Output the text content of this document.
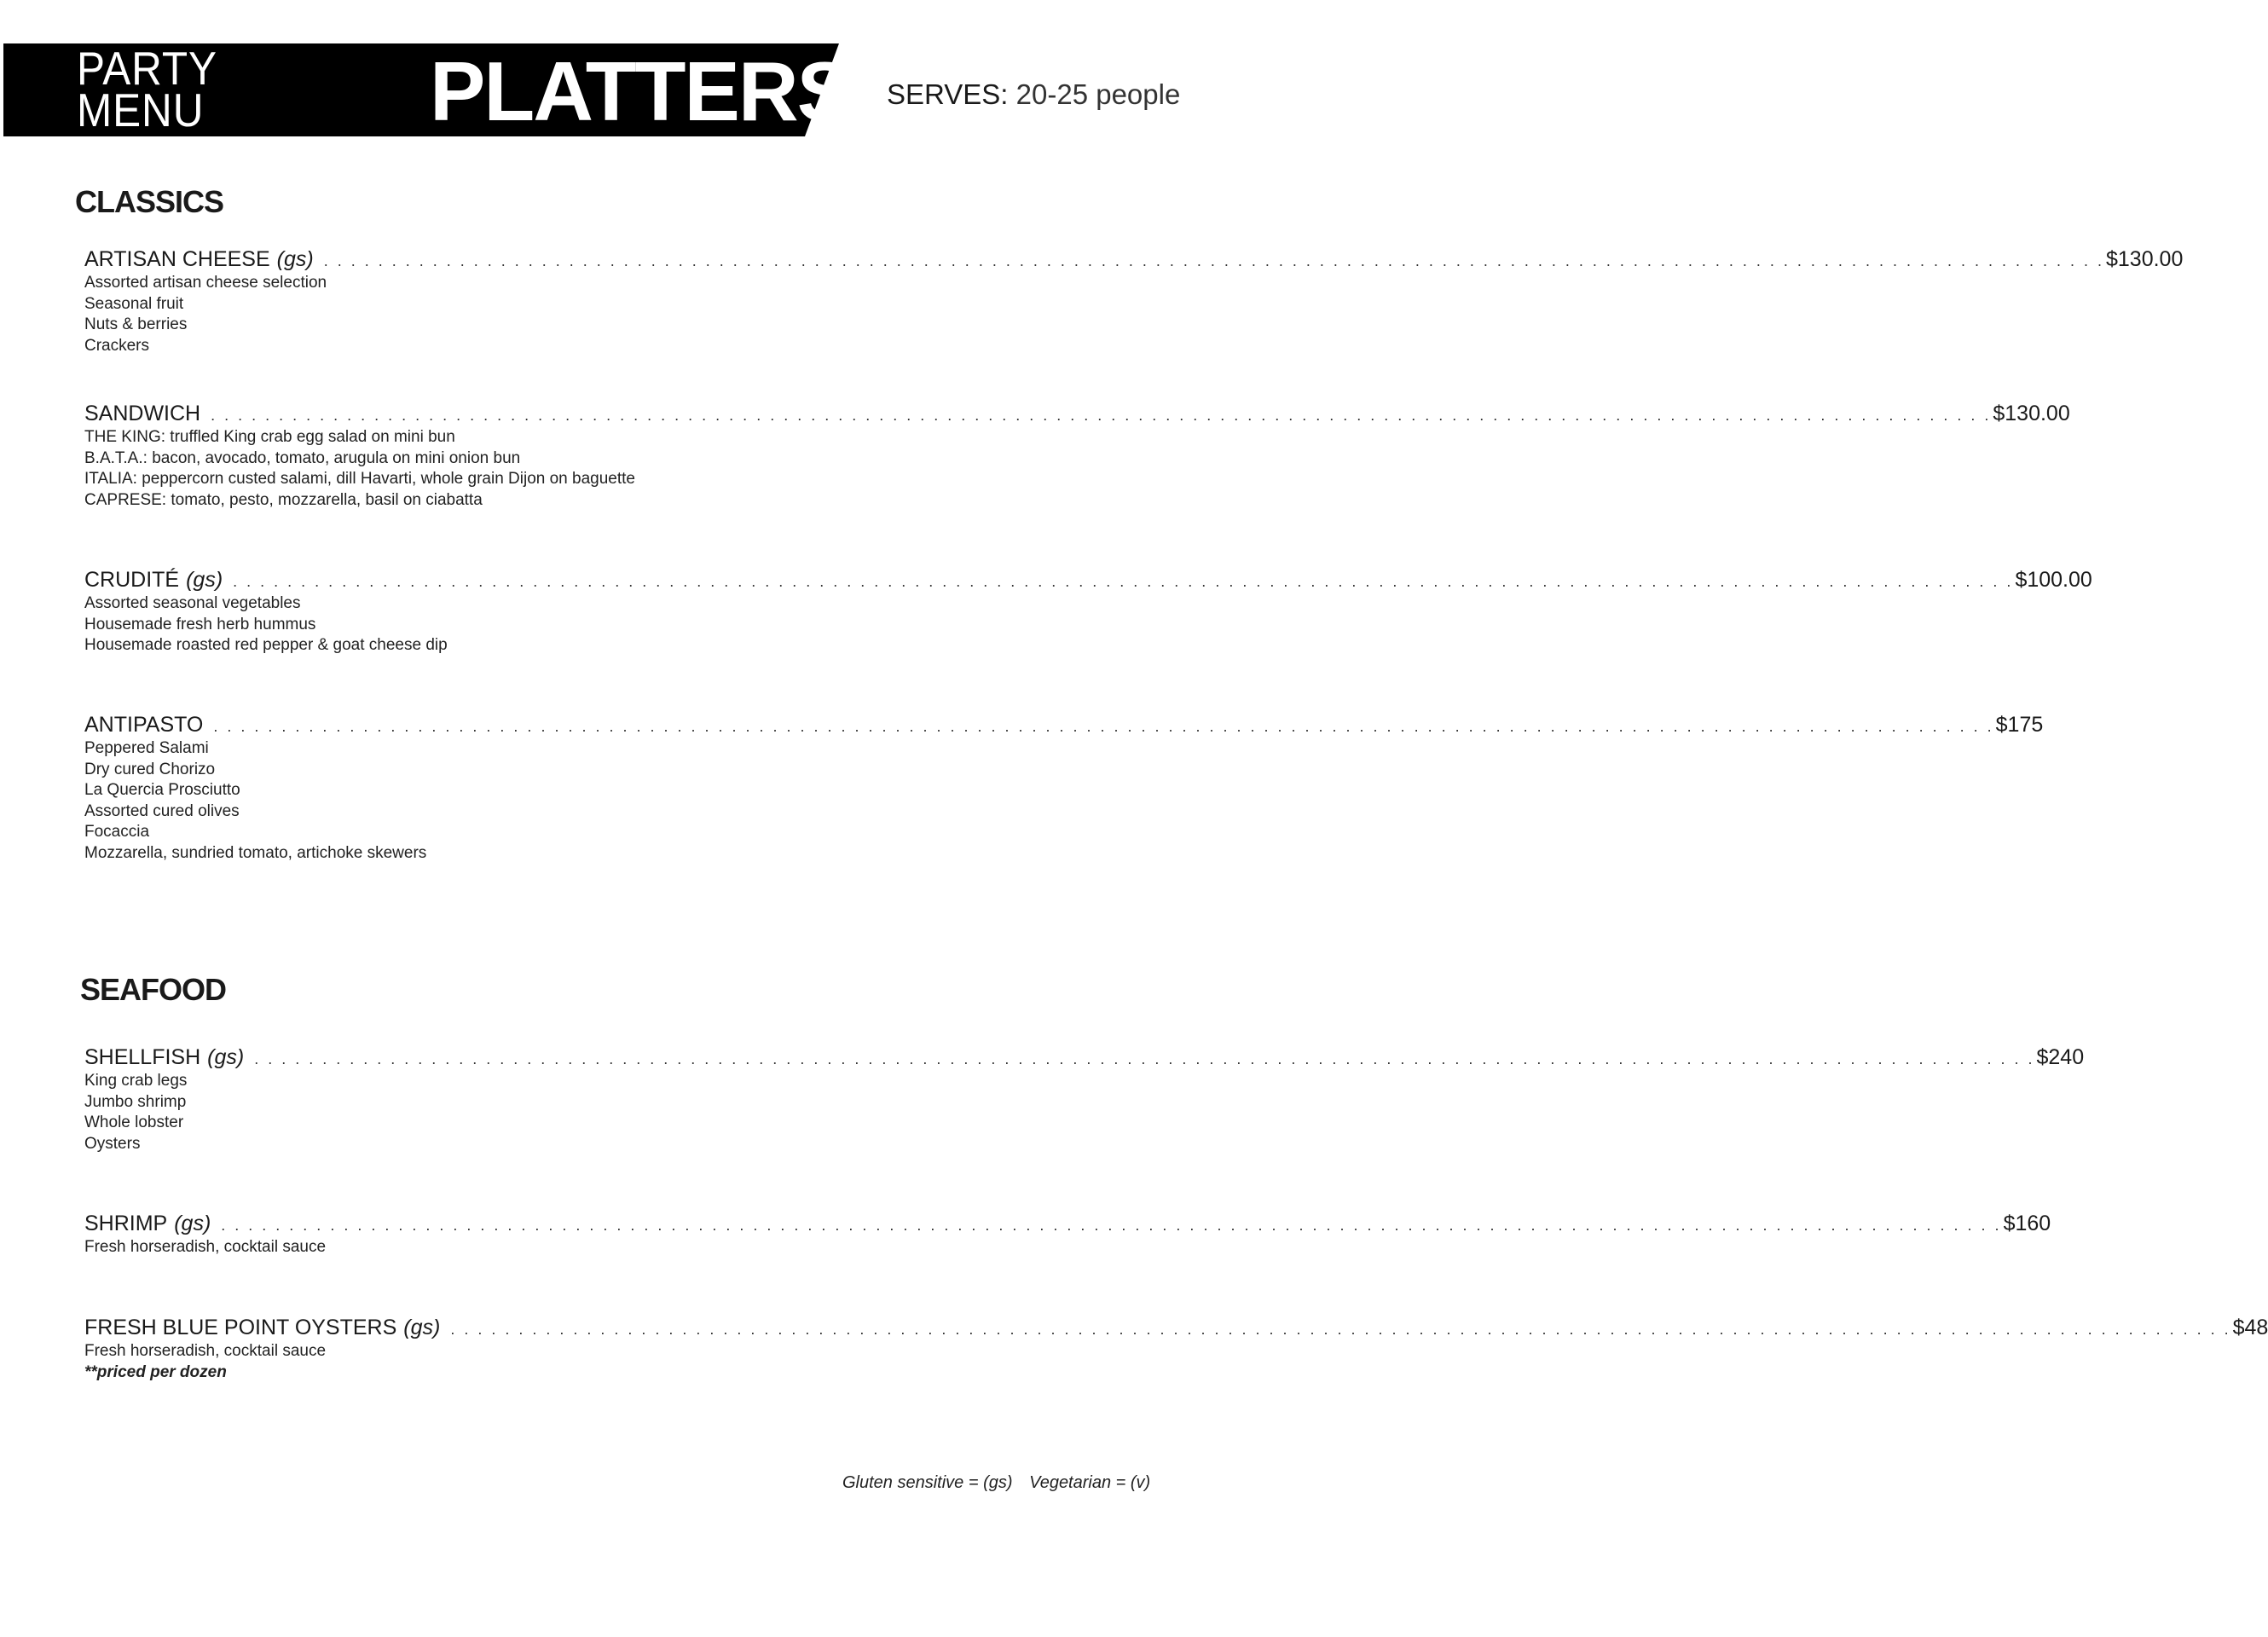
PARTY
MENU	PLATTERS SERVES: 20-25 people
CLASSICS
ARTISAN CHEESE (gs) . . . . . . . . . . . . . . . . . . . . . . . . . . . . . . . . . . . . . . . . . . . . . . . . . . . . . . . . . . . . . . . . . . . . . . . . . . . . . . . . . . . . . . . . . . . . . . . . . . . . . . . . . . . . . . . . . . . . . . . . . . . . . . . . . . . $130.00
Assorted artisan cheese selection
Seasonal fruit
Nuts & berries
Crackers
SANDWICH . . . . . . . . . . . . . . . . . . . . . . . . . . . . . . . . . . . . . . . . . . . . . . . . . . . . . . . . . . . . . . . . . . . . . . . . . . . . . . . . . . . . . . . . . . . . . . . . . . . . . . . . . . . . . . . . . . . . . . . . . . . . . . . . . . . $130.00
THE KING: truffled King crab egg salad on mini bun
B.A.T.A.: bacon, avocado, tomato, arugula on mini onion bun
ITALIA: peppercorn custed salami, dill Havarti, whole grain Dijon on baguette
CAPRESE: tomato, pesto, mozzarella, basil on ciabatta
CRUDITÉ (gs) . . . . . . . . . . . . . . . . . . . . . . . . . . . . . . . . . . . . . . . . . . . . . . . . . . . . . . . . . . . . . . . . . . . . . . . . . . . . . . . . . . . . . . . . . . . . . . . . . . . . . . . . . . . . . . . . . . . . . . . . . . . . . . . . . . . $100.00
Assorted seasonal vegetables
Housemade fresh herb hummus
Housemade roasted red pepper & goat cheese dip
ANTIPASTO . . . . . . . . . . . . . . . . . . . . . . . . . . . . . . . . . . . . . . . . . . . . . . . . . . . . . . . . . . . . . . . . . . . . . . . . . . . . . . . . . . . . . . . . . . . . . . . . . . . . . . . . . . . . . . . . . . . . . . . . . . . . . . . . . . . $175
Peppered Salami
Dry cured Chorizo
La Quercia Prosciutto
Assorted cured olives
Focaccia
Mozzarella, sundried tomato, artichoke skewers
SEAFOOD
SHELLFISH (gs) . . . . . . . . . . . . . . . . . . . . . . . . . . . . . . . . . . . . . . . . . . . . . . . . . . . . . . . . . . . . . . . . . . . . . . . . . . . . . . . . . . . . . . . . . . . . . . . . . . . . . . . . . . . . . . . . . . . . . . . . . . . . . . . . . . . $240
King crab legs
Jumbo shrimp
Whole lobster
Oysters
SHRIMP (gs) . . . . . . . . . . . . . . . . . . . . . . . . . . . . . . . . . . . . . . . . . . . . . . . . . . . . . . . . . . . . . . . . . . . . . . . . . . . . . . . . . . . . . . . . . . . . . . . . . . . . . . . . . . . . . . . . . . . . . . . . . . . . . . . . . . . $160
Fresh horseradish, cocktail sauce
FRESH BLUE POINT OYSTERS (gs) . . . . . . . . . . . . . . . . . . . . . . . . . . . . . . . . . . . . . . . . . . . . . . . . . . . . . . . . . . . . . . . . . . . . . . . . . . . . . . . . . . . . . . . . . . . . . . . . . . . . . . . . . . . . . . . . . . . . . . . . . . . . . . . . . . . $48
Fresh horseradish, cocktail sauce
**priced per dozen
Gluten sensitive = (gs) Vegetarian = (v)
